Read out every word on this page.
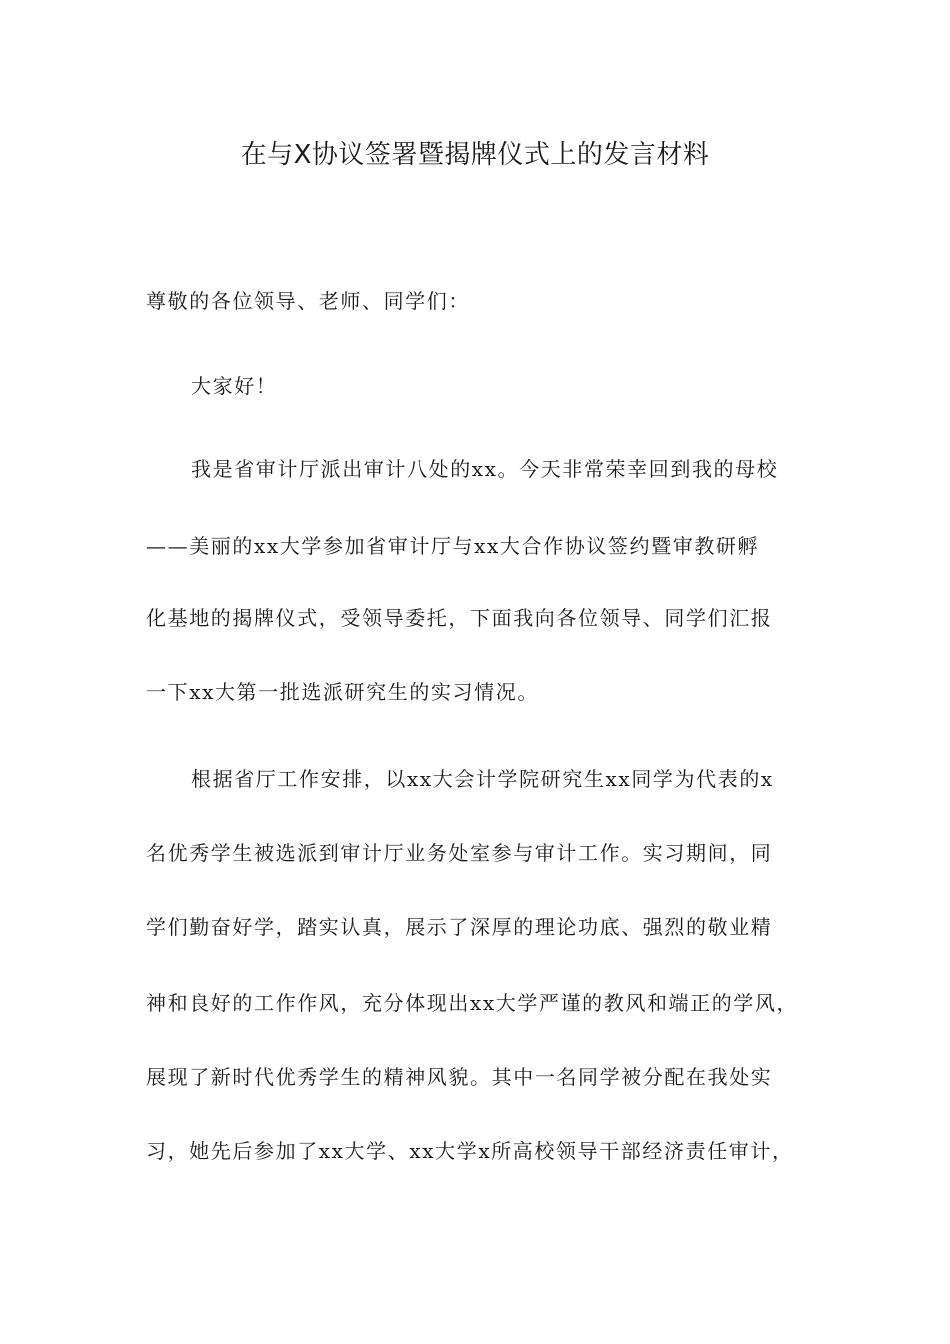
在与X协议签署暨揭牌仪式上的发言材料
尊敬的各位领导、老师、同学们：
大家好！
我是省审计厅派出审计八处的xx。今天非常荣幸回到我的母校
——美丽的xx大学参加省审计厅与xx大合作协议签约暨审教研孵
化基地的揭牌仪式，受领导委托，下面我向各位领导、同学们汇报
一下xx大第一批选派研究生的实习情况。
根据省厅工作安排，以xx大会计学院研究生xx同学为代表的x
名优秀学生被选派到审计厅业务处室参与审计工作。实习期间，同
学们勤奋好学，踏实认真，展示了深厚的理论功底、强烈的敬业精
神和良好的工作作风，充分体现出xx大学严谨的教风和端正的学风，
展现了新时代优秀学生的精神风貌。其中一名同学被分配在我处实
习，她先后参加了xx大学、xx大学x所高校领导干部经济责任审计，
